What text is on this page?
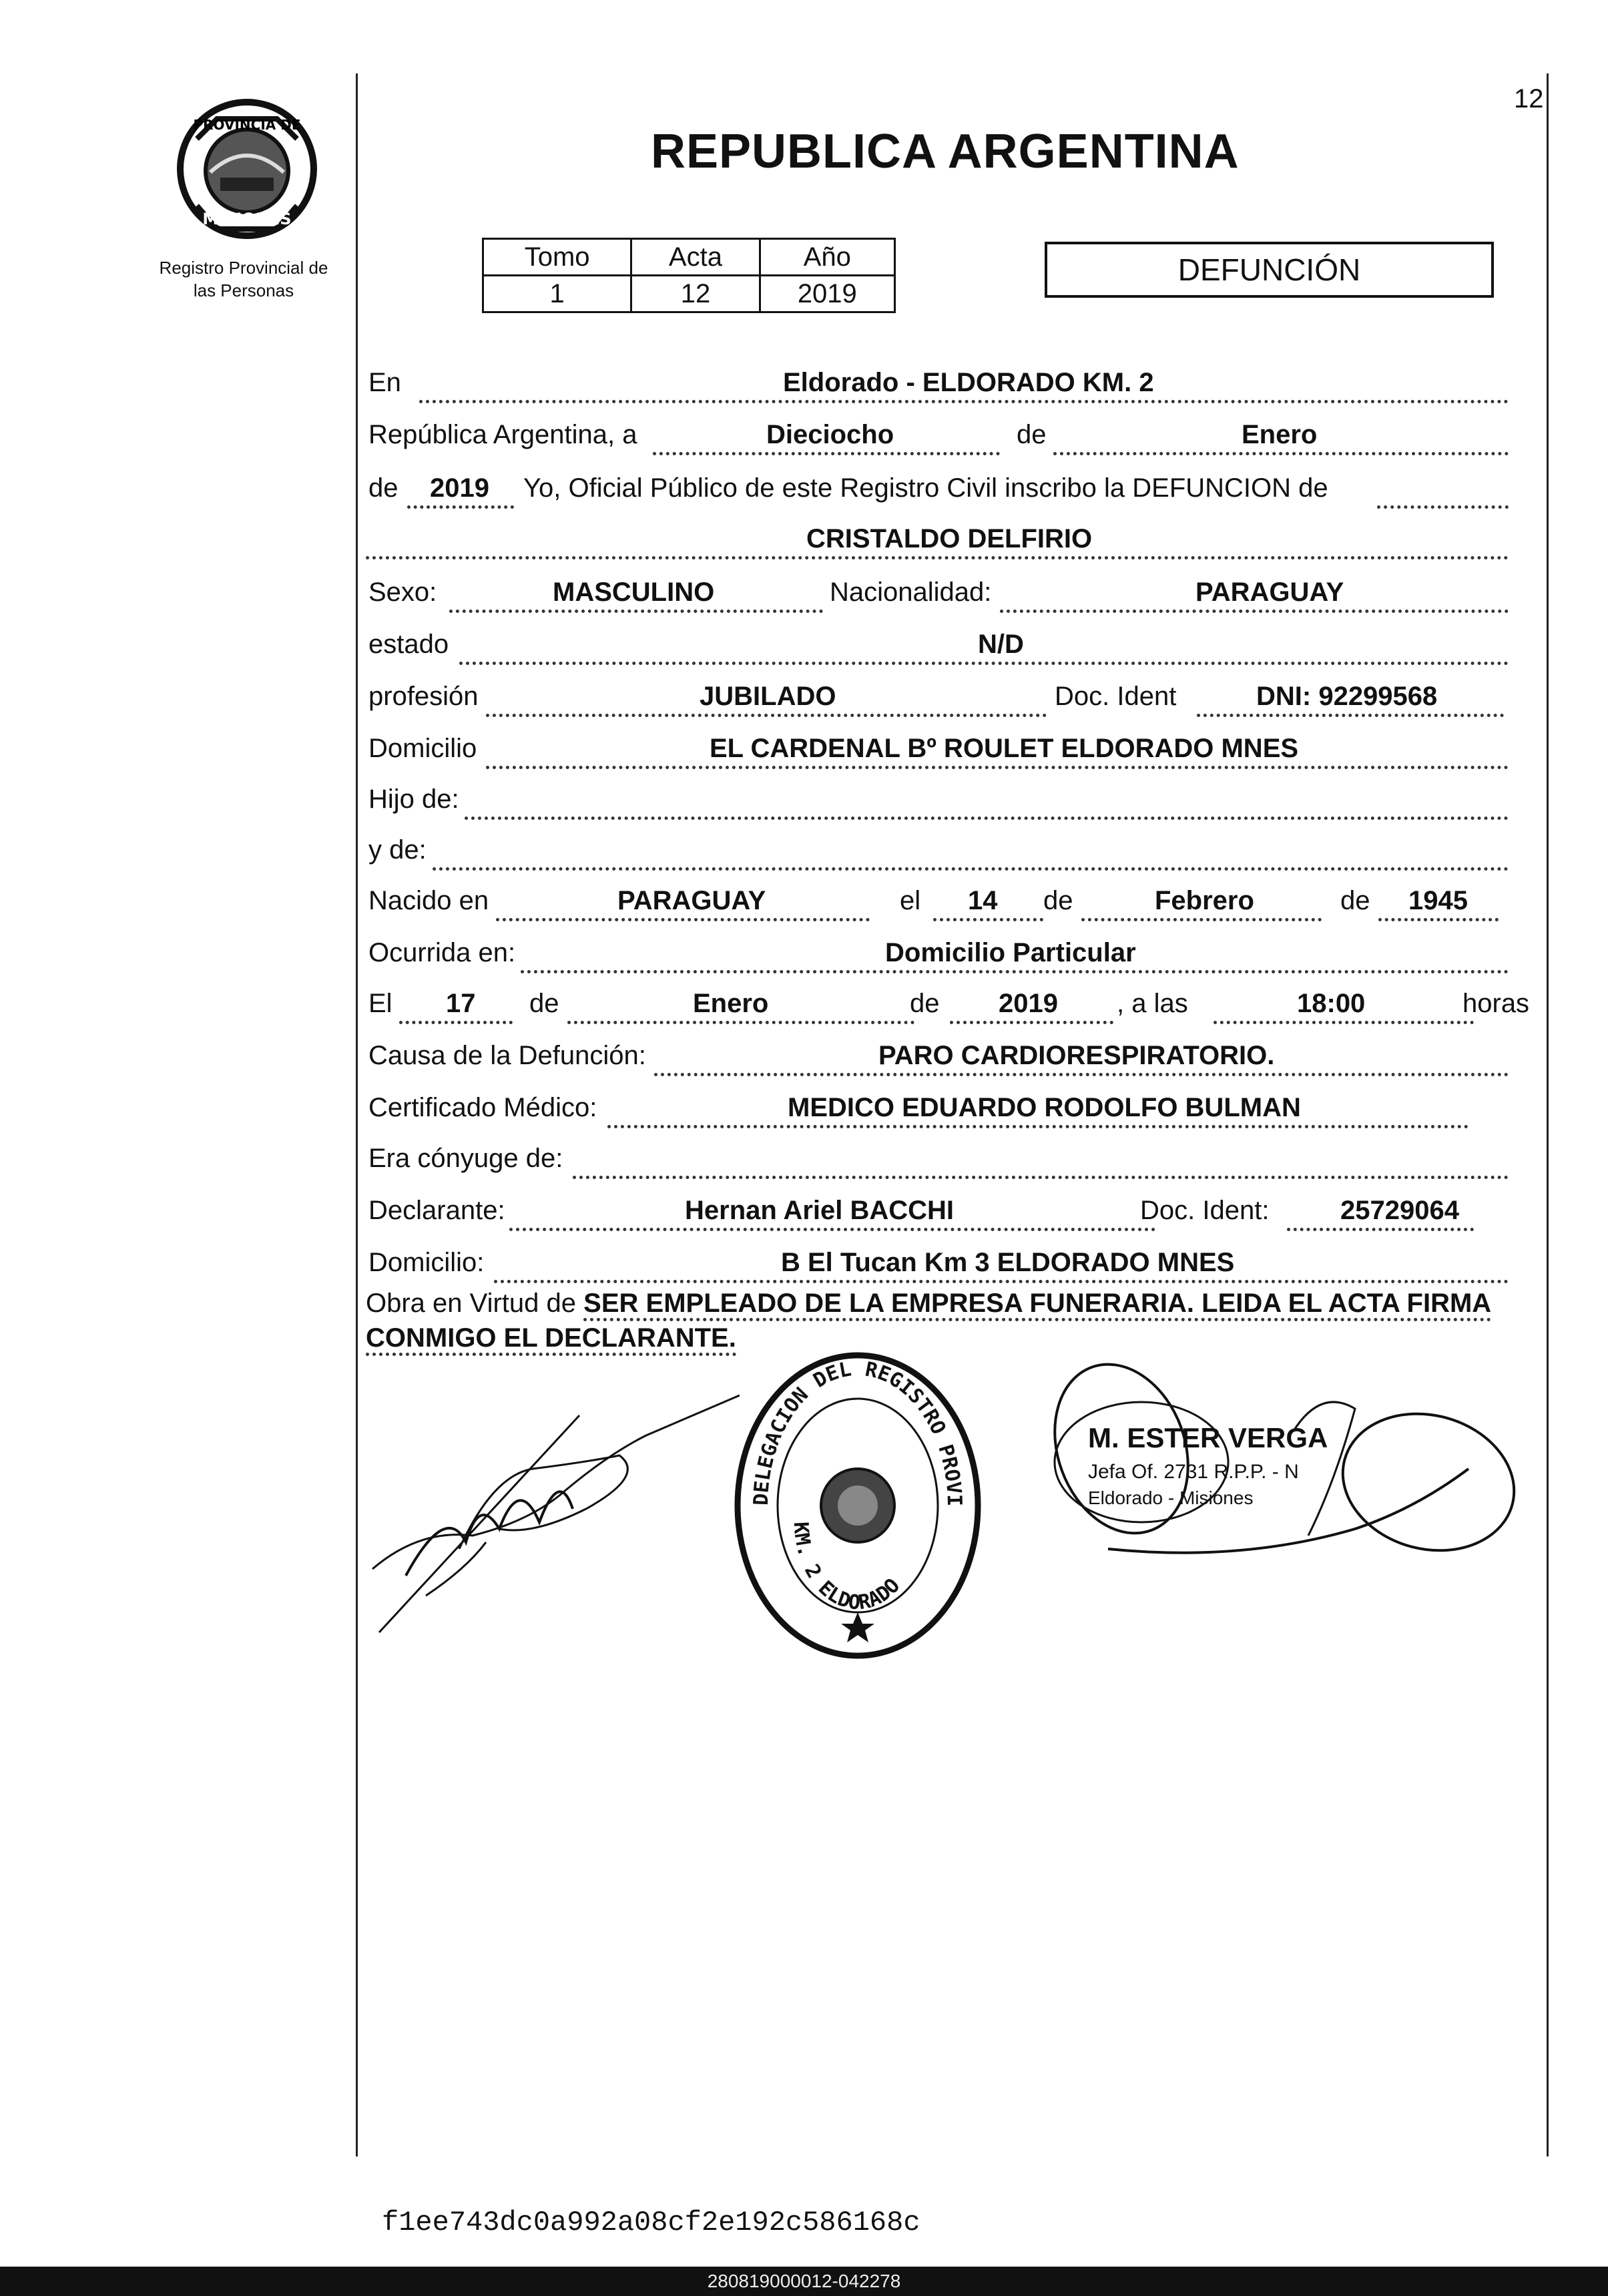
12
PROVINCIA DE
MISIONES
Registro Provincial de
las Personas
REPUBLICA ARGENTINA
Tomo	Acta	Año
1	12	2019
DEFUNCIÓN
En	Eldorado - ELDORADO KM. 2
República Argentina, a	Dieciocho	de	Enero
de 2019 Yo, Oficial Público de este Registro Civil inscribo la DEFUNCION de
CRISTALDO DELFIRIO
Sexo:	MASCULINO	Nacionalidad:	PARAGUAY
estado	N/D
profesión	JUBILADO	Doc. Ident	DNI: 92299568
Domicilio	EL CARDENAL Bº ROULET ELDORADO MNES
Hijo de:
y de:
Nacido en	PARAGUAY	el 14 de	Febrero	de 1945
Ocurrida en:	Domicilio Particular
El 17 de	Enero	de 2019 , a las	18:00	horas
Causa de la Defunción:	PARO CARDIORESPIRATORIO.
Certificado Médico:	MEDICO EDUARDO RODOLFO BULMAN
Era cónyuge de:
Declarante:	Hernan Ariel BACCHI	Doc. Ident:	25729064
Domicilio:	B El Tucan Km 3 ELDORADO MNES
Obra en Virtud de SER EMPLEADO DE LA EMPRESA FUNERARIA. LEIDA EL ACTA FIRMA
CONMIGO EL DECLARANTE.
DELEGACION DEL REGISTRO PROVI
KM. 2 ELDORADO
M. ESTER VERGA
Jefa Of. 2731 R.P.P. - N
Eldorado - Misiones
f1ee743dc0a992a08cf2e192c586168c
280819000012-042278
